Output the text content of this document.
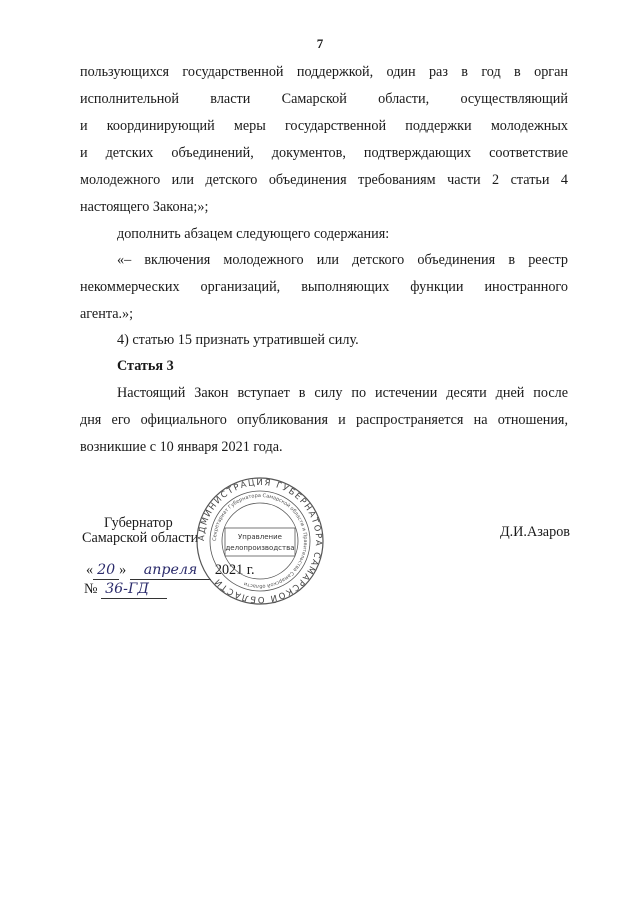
7
пользующихся государственной поддержкой, один раз в год в орган
исполнительной власти Самарской области, осуществляющий
и координирующий меры государственной поддержки молодежных
и детских объединений, документов, подтверждающих соответствие
молодежного или детского объединения требованиям части 2 статьи 4
настоящего Закона;»;
дополнить абзацем следующего содержания:
«– включения молодежного или детского объединения в реестр
некоммерческих организаций, выполняющих функции иностранного
агента.»;
4) статью 15 признать утратившей силу.
Статья 3
Настоящий Закон вступает в силу по истечении десяти дней после
дня его официального опубликования и распространяется на отношения,
возникшие с 10 января 2021 года.
Губернатор
Самарской области	Д.И.Азаров
« 20 » апреля 2021 г.
№ 36-ГД
АДМИНИСТРАЦИЯ ГУБЕРНАТОРА САМАРСКОЙ ОБЛАСТИ
Секретариат Губернатора Самарской области и Правительства Самарской области
Управление
делопроизводства
